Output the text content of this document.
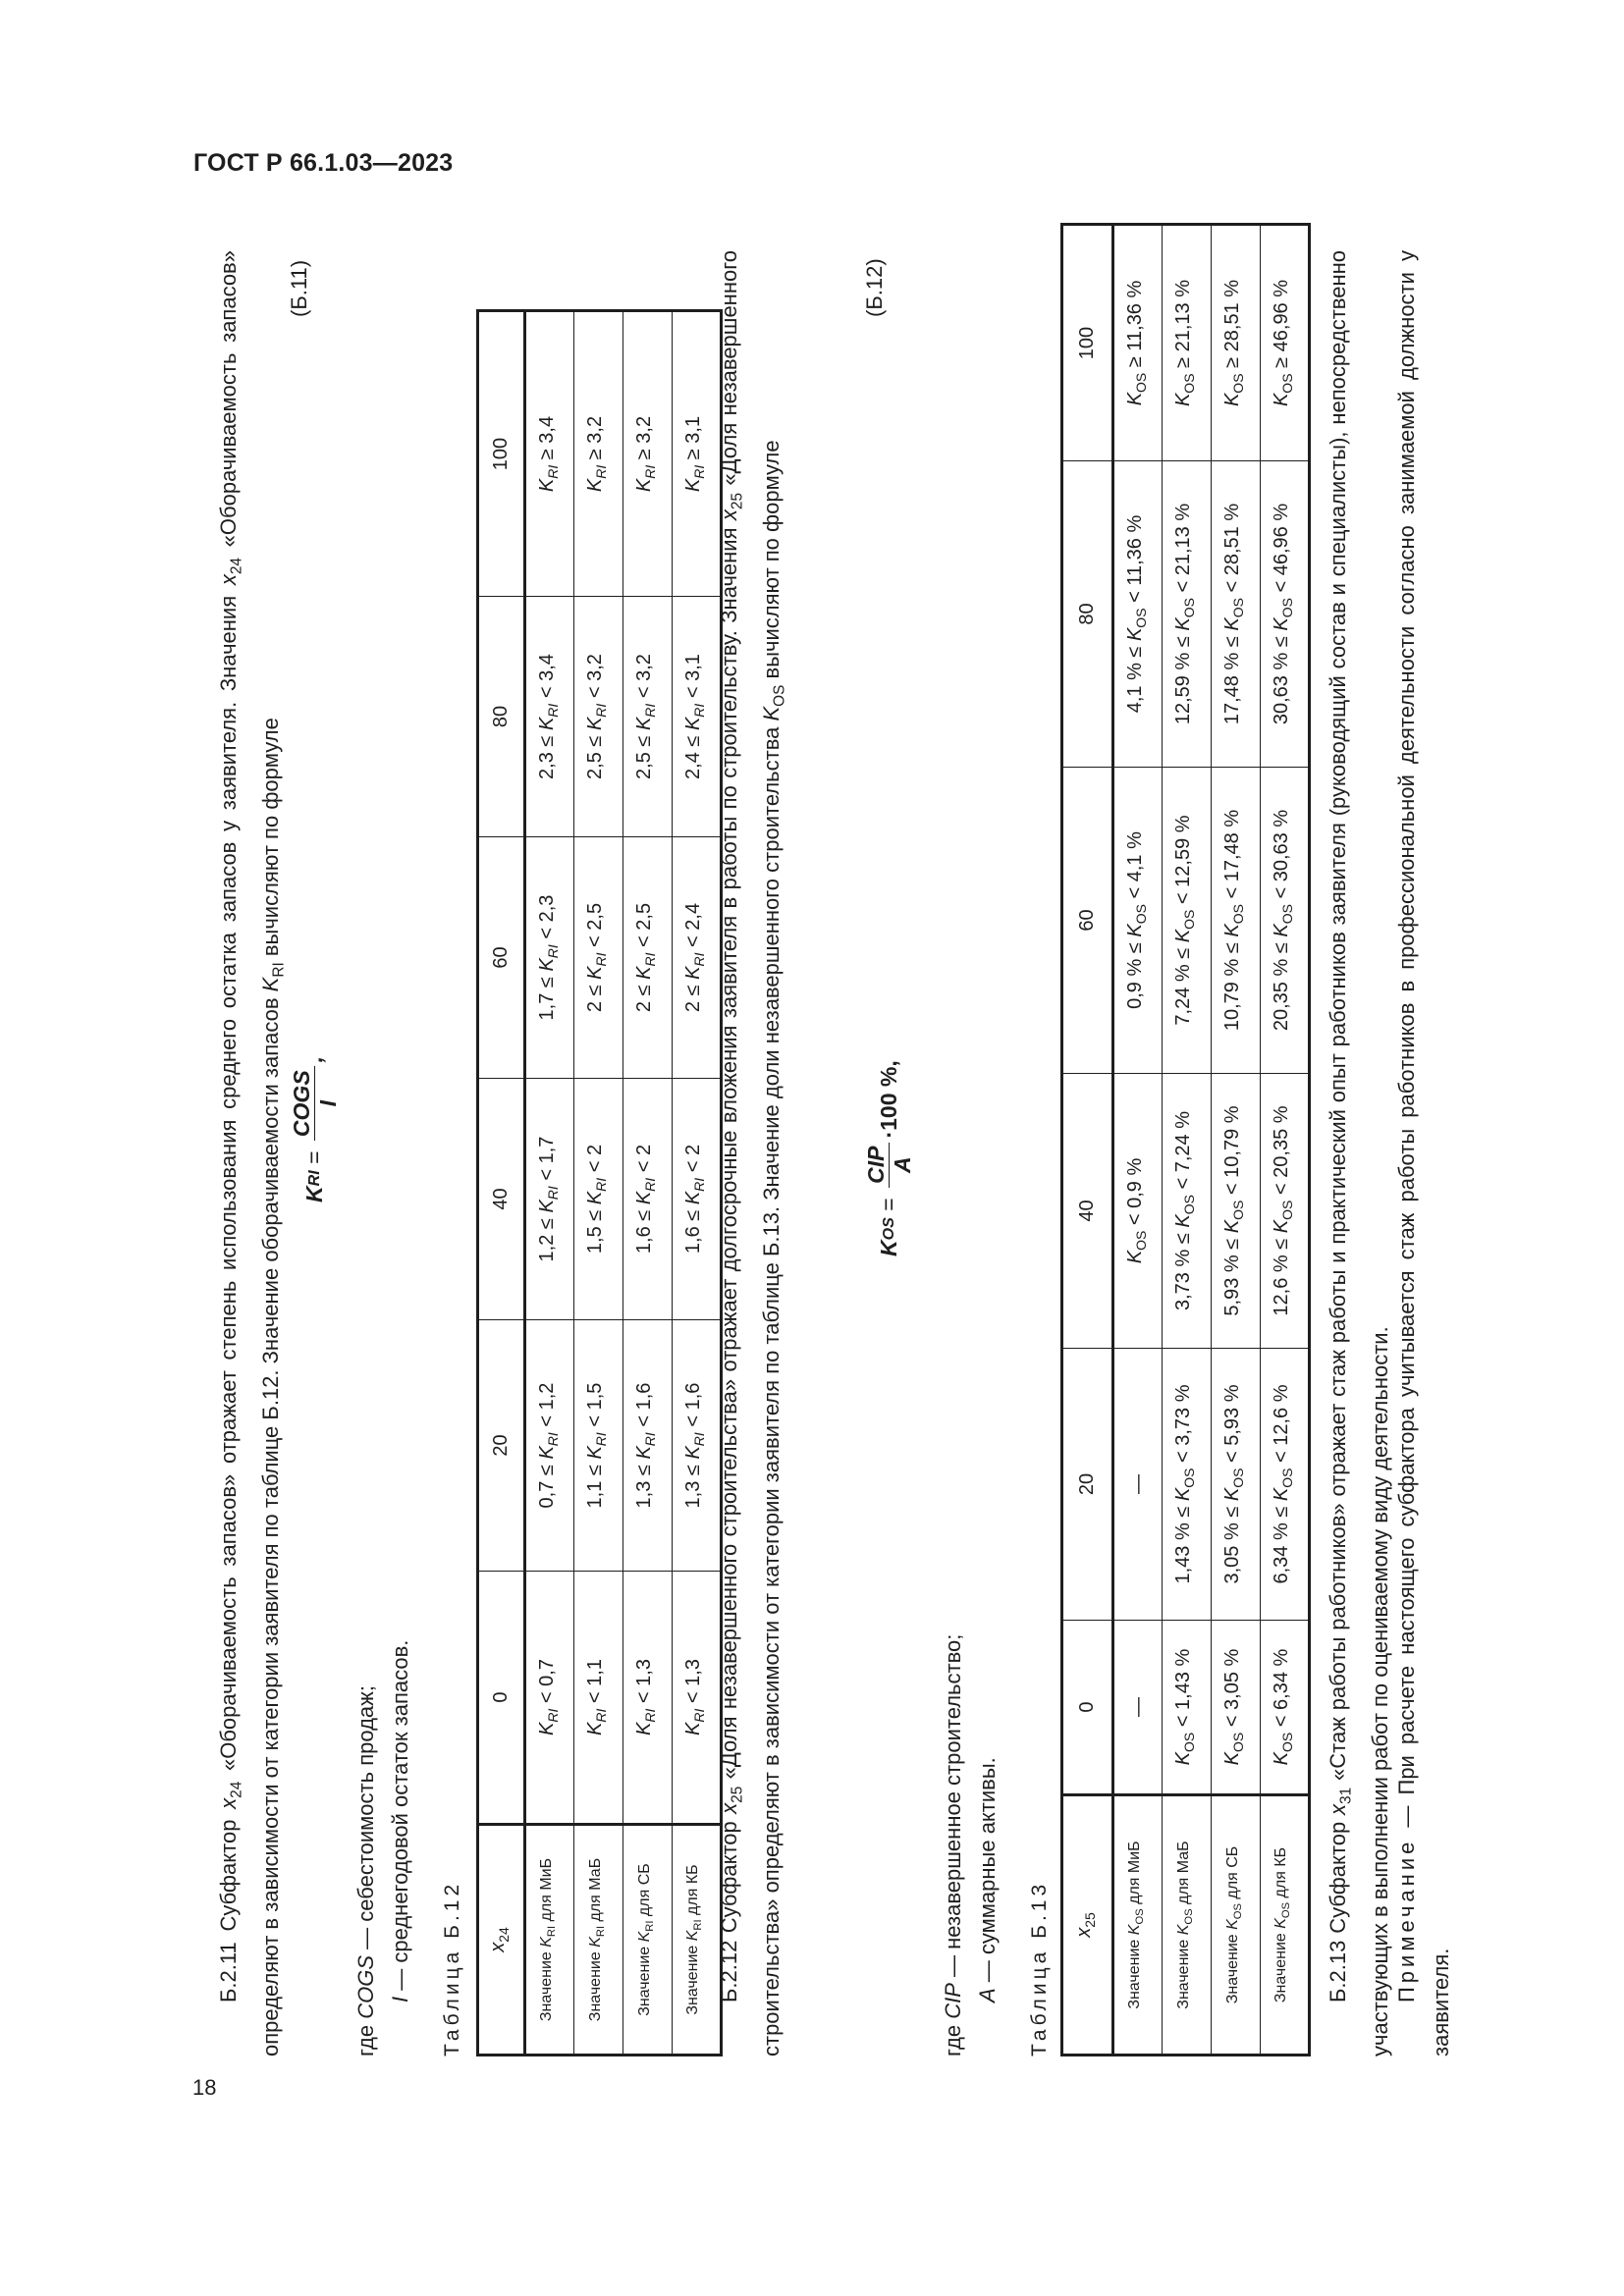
ГОСТ Р 66.1.03—2023
18

Б.2.11 Субфактор $x_{24}$ «Оборачиваемость запасов» отражает степень использования среднего остатка запасов у заявителя. Значения $x_{24}$ «Оборачиваемость запасов» определяют в зависимости от категории заявителя по таблице Б.12. Значение оборачиваемости запасов $K_{RI}$ вычисляют по формуле

K
RI
=
COGS I
,
(Б.11)

где COGS — себестоимость продаж;

I — среднегодовой остаток запасов. Таблица Б.12	$x_{24}$	0	20	40	60	80	100
Значение $K_{RI}$ для МиБ	$K_{RI} < 0,7$	$0,7 \le K_{RI} < 1,2$	$1,2 \le K_{RI} < 1,7$	$1,7 \le K_{RI} < 2,3$	$2,3 \le K_{RI} < 3,4$	$K_{RI} \ge 3,4$
Значение $K_{RI}$ для МаБ	$K_{RI} < 1,1$	$1,1 \le K_{RI} < 1,5$	$1,5 \le K_{RI} < 2$	$2 \le K_{RI} < 2,5$	$2,5 \le K_{RI} < 3,2$	$K_{RI} \ge 3,2$
Значение $K_{RI}$ для СБ	$K_{RI} < 1,3$	$1,3 \le K_{RI} < 1,6$	$1,6 \le K_{RI} < 2$	$2 \le K_{RI} < 2,5$	$2,5 \le K_{RI} < 3,2$	$K_{RI} \ge 3,2$
Значение $K_{RI}$ для КБ	$K_{RI} < 1,3$	$1,3 \le K_{RI} < 1,6$	$1,6 \le K_{RI} < 2$	$2 \le K_{RI} < 2,4$	$2,4 \le K_{RI} < 3,1$	$K_{RI} \ge 3,1$

Б.2.12 Субфактор $x_{25}$ «Доля незавершенного строительства» отражает долгосрочные вложения заявителя в работы по строительству. Значения $x_{25}$ «Доля незавершенного строительства» определяют в зависимости от категории заявителя по таблице Б.13. Значение доли незавершенного строительства $K_{OS}$ вычисляют по формуле

K
OS
=
CIP A
·100 %,
(Б.12)

где CIP — незавершенное строительство;

A — суммарные активы. Таблица Б.13	$x_{25}$	0	20	40	60	80	100
Значение $K_{OS}$ для МиБ	—	—	$K_{OS} < 0,9$ %	0,9 % ≤ $K_{OS} < 4,1$ %	4,1 % ≤ $K_{OS} < 11,36$ %	$K_{OS} \ge 11,36$ %
Значение $K_{OS}$ для МаБ	$K_{OS} < 1,43$ %	1,43 % ≤ $K_{OS} < 3,73$ %	3,73 % ≤ $K_{OS} < 7,24$ %	7,24 % ≤ $K_{OS} < 12,59$ %	12,59 % ≤ $K_{OS} < 21,13$ %	$K_{OS} \ge 21,13$ %
Значение $K_{OS}$ для СБ	$K_{OS} < 3,05$ %	3,05 % ≤ $K_{OS} < 5,93$ %	5,93 % ≤ $K_{OS} < 10,79$ %	10,79 % ≤ $K_{OS} < 17,48$ %	17,48 % ≤ $K_{OS} < 28,51$ %	$K_{OS} \ge 28,51$ %
Значение $K_{OS}$ для КБ	$K_{OS} < 6,34$ %	6,34 % ≤ $K_{OS} < 12,6$ %	12,6 % ≤ $K_{OS} < 20,35$ %	20,35 % ≤ $K_{OS} < 30,63$ %	30,63 % ≤ $K_{OS} < 46,96$ %	$K_{OS} \ge 46,96$ %

Б.2.13 Субфактор $x_{31}$ «Стаж работы работников» отражает стаж работы и практический опыт работников заявителя (руководящий состав и специалисты), непосредственно участвующих в выполнении работ по оцениваемому виду деятельности. Примечание — При расчете настоящего субфактора учитывается стаж работы работников в профессиональной деятельности согласно занимаемой должности у заявителя.
